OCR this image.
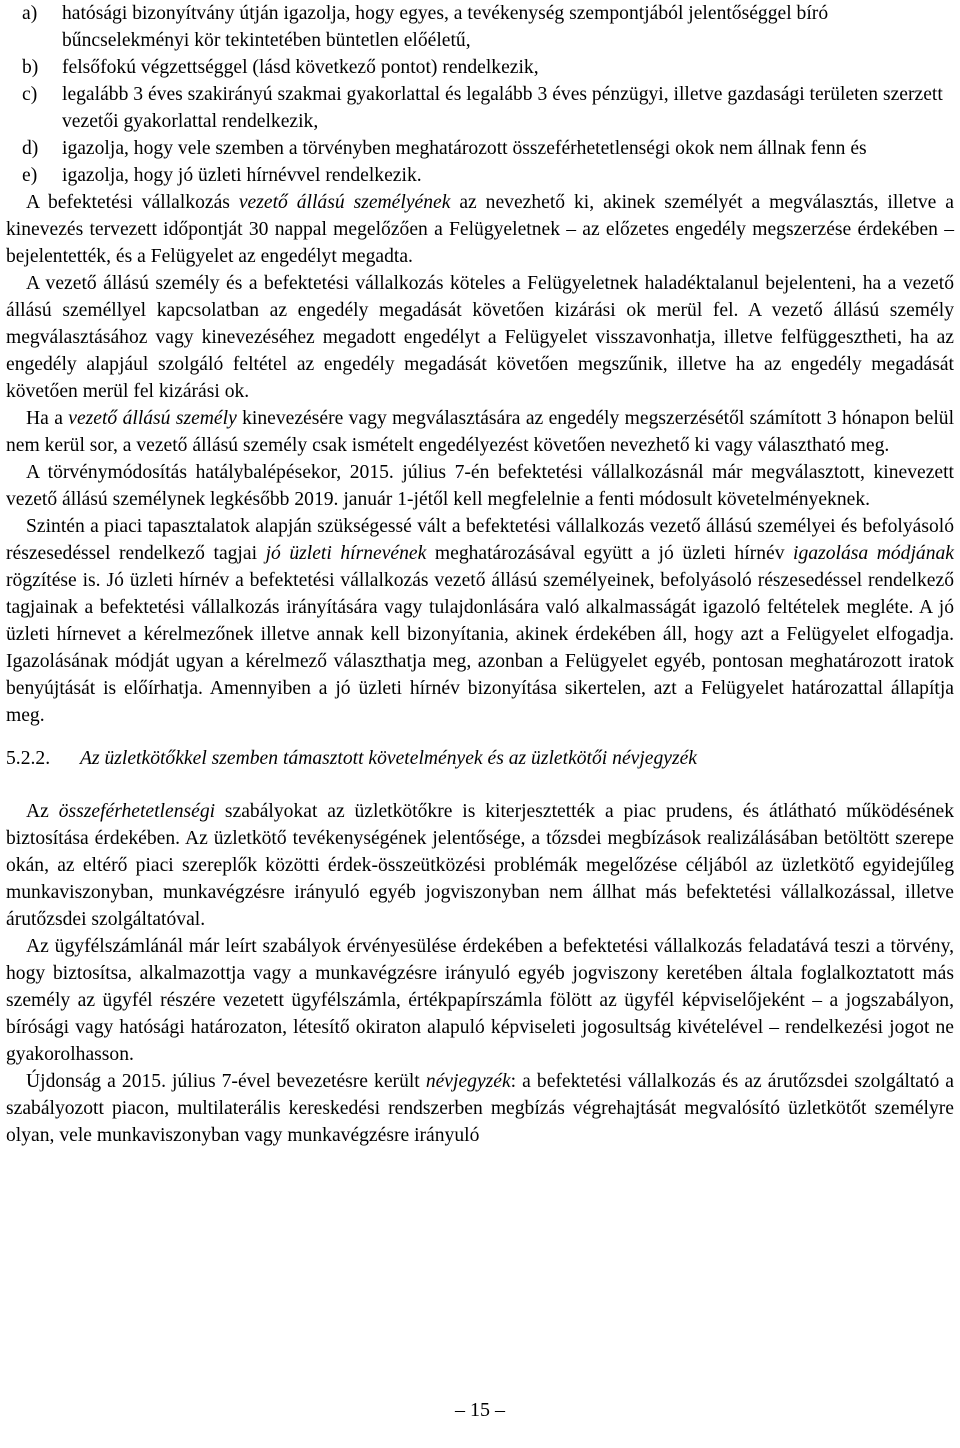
a) hatósági bizonyítvány útján igazolja, hogy egyes, a tevékenység szempontjából jelentőséggel bíró bűncselekményi kör tekintetében büntetlen előéletű,
b) felsőfokú végzettséggel (lásd következő pontot) rendelkezik,
c) legalább 3 éves szakirányú szakmai gyakorlattal és legalább 3 éves pénzügyi, illetve gazdasági területen szerzett vezetői gyakorlattal rendelkezik,
d) igazolja, hogy vele szemben a törvényben meghatározott összeférhetetlenségi okok nem állnak fenn és
e) igazolja, hogy jó üzleti hírnévvel rendelkezik.

A befektetési vállalkozás vezető állású személyének az nevezhető ki, akinek személyét a megválasztás, illetve a kinevezés tervezett időpontját 30 nappal megelőzően a Felügyeletnek – az előzetes engedély megszerzése érdekében – bejelentették, és a Felügyelet az engedélyt megadta.

A vezető állású személy és a befektetési vállalkozás köteles a Felügyeletnek haladéktalanul bejelenteni, ha a vezető állású személlyel kapcsolatban az engedély megadását követően kizárási ok merül fel. A vezető állású személy megválasztásához vagy kinevezéséhez megadott engedélyt a Felügyelet visszavonhatja, illetve felfüggesztheti, ha az engedély alapjául szolgáló feltétel az engedély megadását követően megszűnik, illetve ha az engedély megadását követően merül fel kizárási ok.

Ha a vezető állású személy kinevezésére vagy megválasztására az engedély megszerzésétől számított 3 hónapon belül nem kerül sor, a vezető állású személy csak ismételt engedélyezést követően nevezhető ki vagy választható meg.

A törvénymódosítás hatálybalépésekor, 2015. július 7-én befektetési vállalkozásnál már megválasztott, kinevezett vezető állású személynek legkésőbb 2019. január 1-jétől kell megfelelnie a fenti módosult követelményeknek.

Szintén a piaci tapasztalatok alapján szükségessé vált a befektetési vállalkozás vezető állású személyei és befolyásoló részesedéssel rendelkező tagjai jó üzleti hírnevének meghatározásával együtt a jó üzleti hírnév igazolása módjának rögzítése is. Jó üzleti hírnév a befektetési vállalkozás vezető állású személyeinek, befolyásoló részesedéssel rendelkező tagjainak a befektetési vállalkozás irányítására vagy tulajdonlására való alkalmasságát igazoló feltételek megléte. A jó üzleti hírnevet a kérelmezőnek illetve annak kell bizonyítania, akinek érdekében áll, hogy azt a Felügyelet elfogadja. Igazolásának módját ugyan a kérelmező választhatja meg, azonban a Felügyelet egyéb, pontosan meghatározott iratok benyújtását is előírhatja. Amennyiben a jó üzleti hírnév bizonyítása sikertelen, azt a Felügyelet határozattal állapítja meg.

5.2.2. Az üzletkötőkkel szemben támasztott követelmények és az üzletkötői névjegyzék

Az összeférhetetlenségi szabályokat az üzletkötőkre is kiterjesztették a piac prudens, és átlátható működésének biztosítása érdekében. Az üzletkötő tevékenységének jelentősége, a tőzsdei megbízások realizálásában betöltött szerepe okán, az eltérő piaci szereplők közötti érdek-összeütközési problémák megelőzése céljából az üzletkötő egyidejűleg munkaviszonyban, munkavégzésre irányuló egyéb jogviszonyban nem állhat más befektetési vállalkozással, illetve árutőzsdei szolgáltatóval.

Az ügyfélszámlánál már leírt szabályok érvényesülése érdekében a befektetési vállalkozás feladatává teszi a törvény, hogy biztosítsa, alkalmazottja vagy a munkavégzésre irányuló egyéb jogviszony keretében általa foglalkoztatott más személy az ügyfél részére vezetett ügyfélszámla, értékpapírszámla fölött az ügyfél képviselőjeként – a jogszabályon, bírósági vagy hatósági határozaton, létesítő okiraton alapuló képviseleti jogosultság kivételével – rendelkezési jogot ne gyakorolhasson.

Újdonság a 2015. július 7-ével bevezetésre került névjegyzék: a befektetési vállalkozás és az árutőzsdei szolgáltató a szabályozott piacon, multilaterális kereskedési rendszerben megbízás végrehajtását megvalósító üzletkötőt személyre olyan, vele munkaviszonyban vagy munkavégzésre irányuló

– 15 –
